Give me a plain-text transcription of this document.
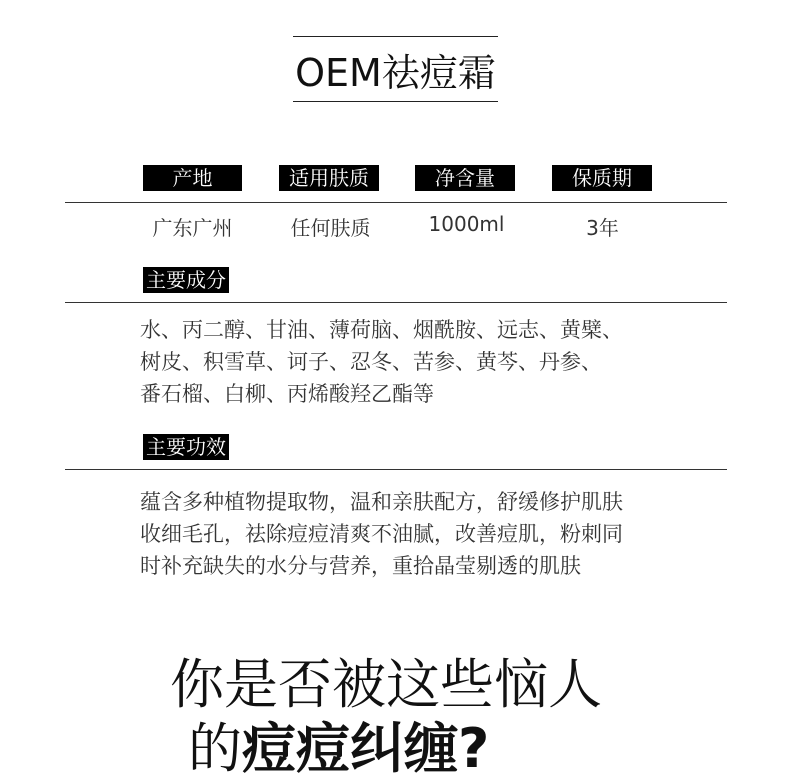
OEM祛痘霜
产地	适用肤质	净含量	保质期
广东广州	任何肤质	1000ml	3年
主要成分
水、丙二醇、甘油、薄荷脑、烟酰胺、远志、黄檗、
树皮、积雪草、诃子、忍冬、苦参、黄芩、丹参、
番石榴、白柳、丙烯酸羟乙酯等
主要功效
蕴含多种植物提取物，温和亲肤配方，舒缓修护肌肤
收细毛孔，祛除痘痘清爽不油腻，改善痘肌，粉刺同
时补充缺失的水分与营养，重拾晶莹剔透的肌肤
你是否被这些恼人
的痘痘纠缠?
